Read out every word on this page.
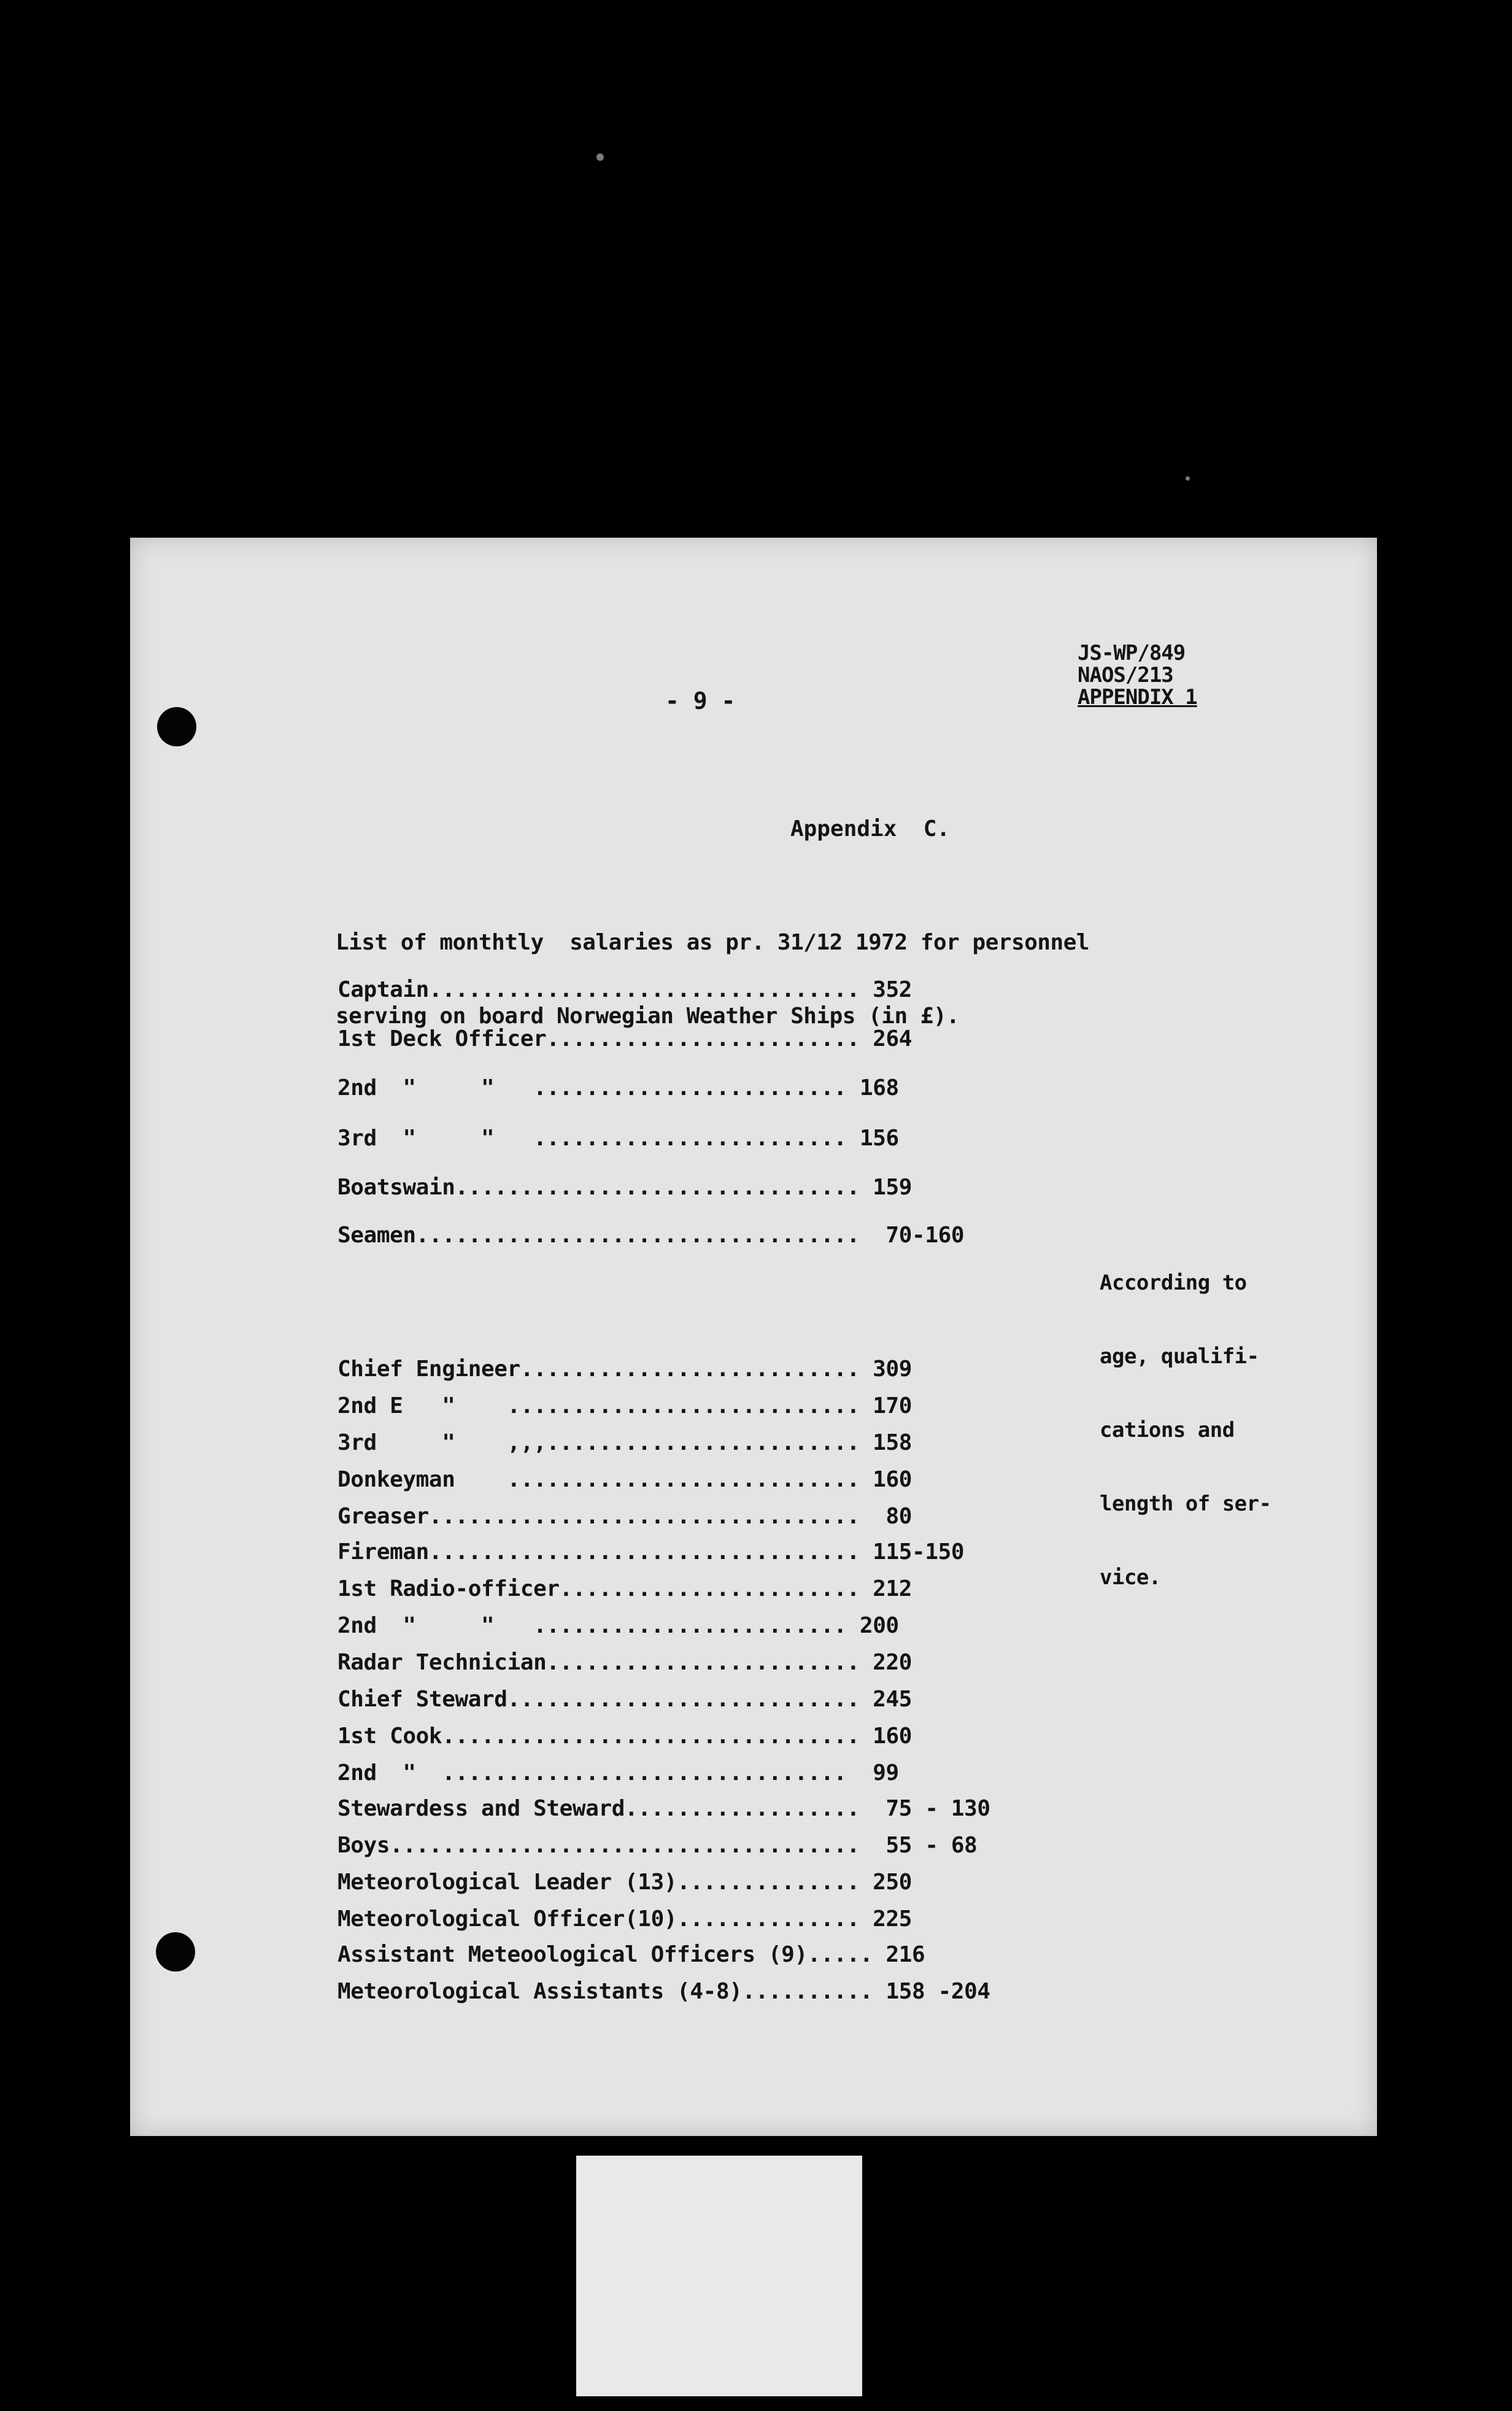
JS-WP/849
NAOS/213
APPENDIX 1
- 9 -
Appendix  C.

List of monthtly  salaries as pr. 31/12 1972 for personnel

serving on board Norwegian Weather Ships (in £).

Captain................................. 352
1st Deck Officer........................ 264
2nd  "     "   ........................ 168
3rd  "     "   ........................ 156
Boatswain............................... 159
Seamen..................................  70-160
Chief Engineer.......................... 309
2nd E   "    ........................... 170
3rd     "    ,,,........................ 158
Donkeyman    ........................... 160
Greaser.................................  80
Fireman................................. 115-150
1st Radio-officer....................... 212
2nd  "     "   ........................ 200
Radar Technician........................ 220
Chief Steward........................... 245
1st Cook................................ 160
2nd  "  ...............................  99
Stewardess and Steward..................  75 - 130
Boys....................................  55 - 68
Meteorological Leader (13).............. 250
Meteorological Officer(10).............. 225
Assistant Meteoological Officers (9)..... 216
Meteorological Assistants (4-8).......... 158 -204

According to

age, qualifi-

cations and

length of ser-

vice.
